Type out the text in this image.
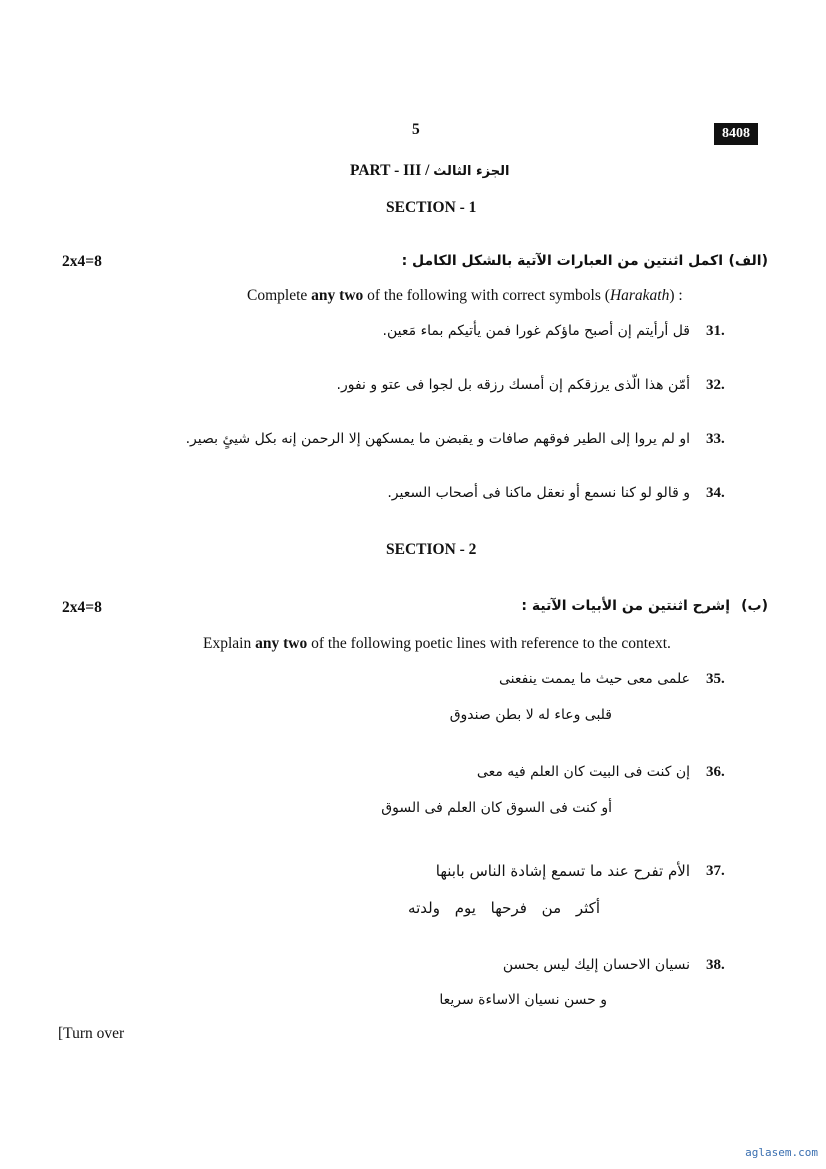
5	8408
PART - III / الجزء الثالث
SECTION - 1
2x4=8	(الف)
اكمل اثنتين من العبارات الآتية بالشكل الكامل :
Complete any two of the following with correct symbols (Harakath) :
31.
قل أرأيتم إن أصبح ماؤكم غورا فمن يأتيكم بماء مَعين.
32.
أمّن هذا الّذى يرزقكم إن أمسك رزقه بل لجوا فى عتو و نفور.
33.
او لم يروا إلى الطير فوقهم صافات و يقبضن ما يمسكهن إلا الرحمن إنه بكل شيئٍ بصير.
34.
و قالو لو كنا نسمع أو نعقل ماكنا فى أصحاب السعير.
SECTION - 2
2x4=8	(ب)
إشرح اثنتين من الأبيات الآتية :
Explain any two of the following poetic lines with reference to the context.
35.
علمى معى حيث ما يممت ينفعنى
قلبى وعاء له لا بطن صندوق
36.
إن كنت فى البيت كان العلم فيه معى
أو كنت فى السوق كان العلم فى السوق
37.
الأم تفرح عند ما تسمع إشادة الناس بابنها
أكثر من فرحها يوم ولدته
38.
نسيان الاحسان إليك ليس بحسن
و حسن نسيان الاساءة سريعا
[Turn over
aglasem.com
